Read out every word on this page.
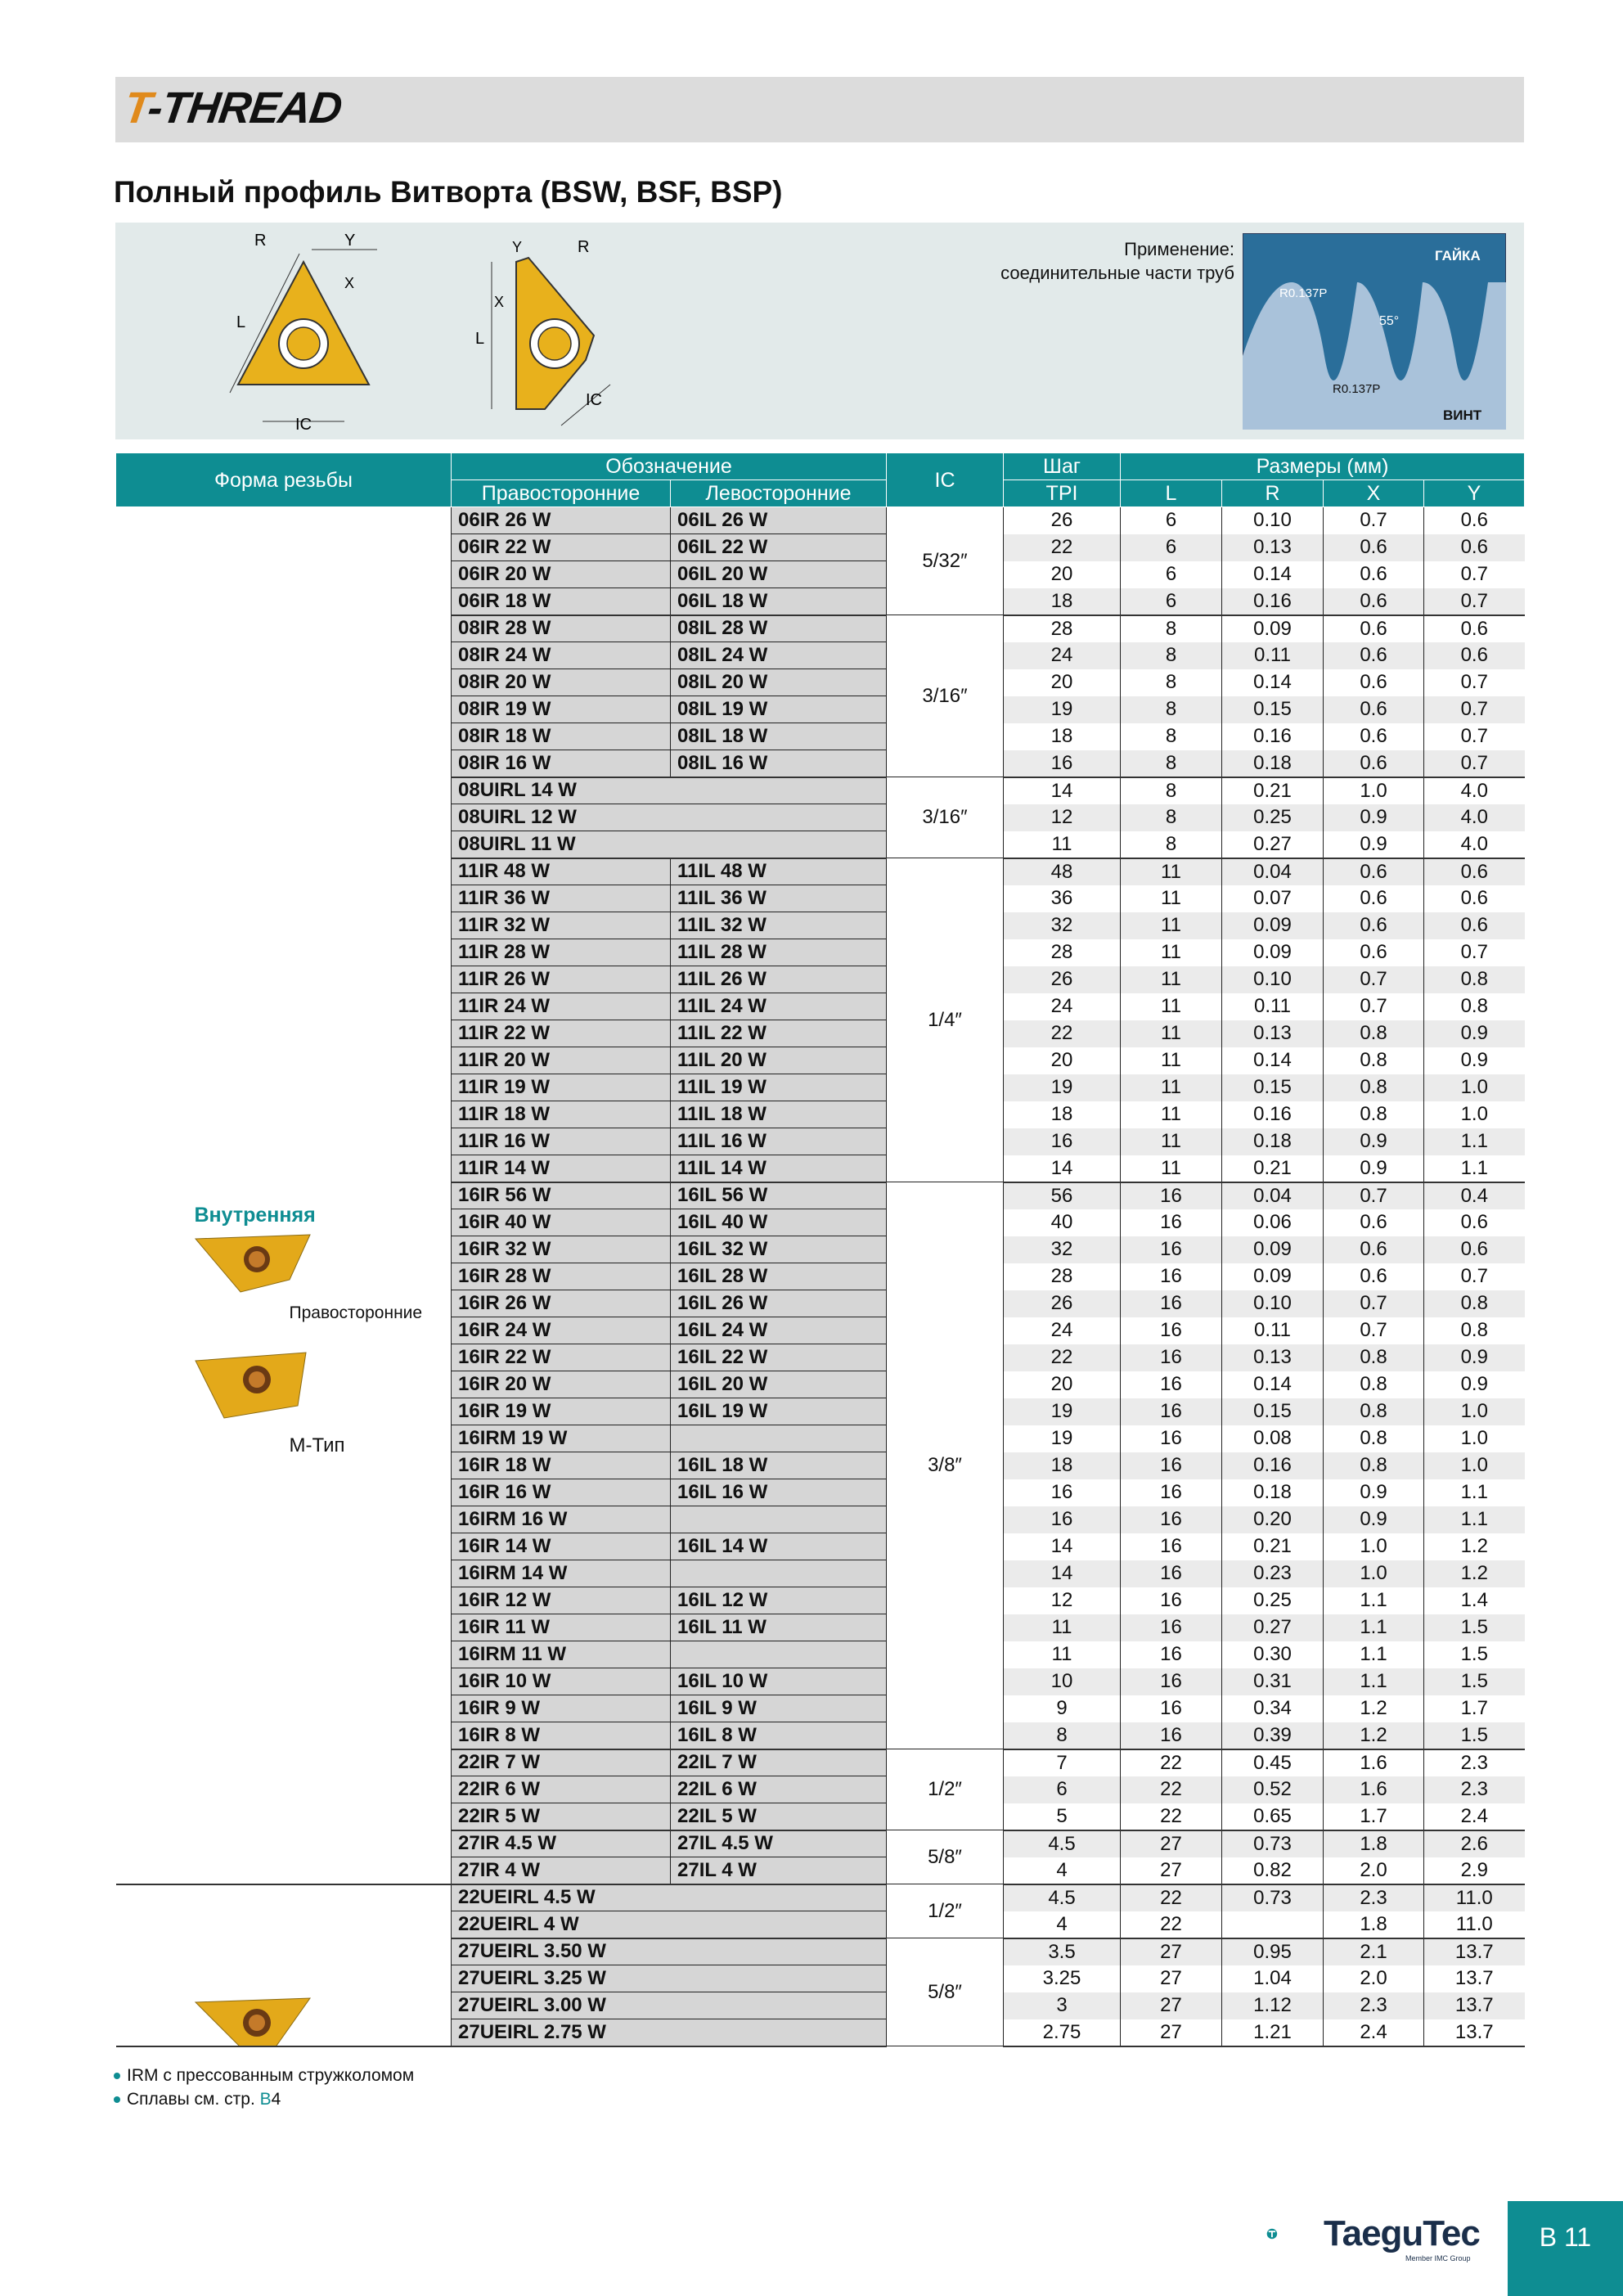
T-THREAD
Полный профиль Витворта (BSW, BSF, BSP)
R	Y
X
L
IC
Y	R
X
L
IC
Применение:
соединительные части труб
ГАЙКА
ВИНТ
R0.137P
R0.137P
55°
Форма резьбы	Обозначение		IC	Шаг	Размеры (мм)			
	Правосторонние	Левосторонние		TPI	L	R	X	Y

Внутренняя
Правосторонние
M-Тип	06IR 26 W	06IL 26 W	5/32″	26	6	0.10	0.7	0.6
	06IR 22 W	06IL 22 W		22	6	0.13	0.6	0.6
	06IR 20 W	06IL 20 W		20	6	0.14	0.6	0.7
	06IR 18 W	06IL 18 W		18	6	0.16	0.6	0.7
	08IR 28 W	08IL 28 W	3/16″	28	8	0.09	0.6	0.6
	08IR 24 W	08IL 24 W		24	8	0.11	0.6	0.6
	08IR 20 W	08IL 20 W		20	8	0.14	0.6	0.7
	08IR 19 W	08IL 19 W		19	8	0.15	0.6	0.7
	08IR 18 W	08IL 18 W		18	8	0.16	0.6	0.7
	08IR 16 W	08IL 16 W		16	8	0.18	0.6	0.7
	08UIRL 14 W		3/16″	14	8	0.21	1.0	4.0
	08UIRL 12 W			12	8	0.25	0.9	4.0
	08UIRL 11 W			11	8	0.27	0.9	4.0
	11IR 48 W	11IL 48 W	1/4″	48	11	0.04	0.6	0.6
	11IR 36 W	11IL 36 W		36	11	0.07	0.6	0.6
	11IR 32 W	11IL 32 W		32	11	0.09	0.6	0.6
	11IR 28 W	11IL 28 W		28	11	0.09	0.6	0.7
	11IR 26 W	11IL 26 W		26	11	0.10	0.7	0.8
	11IR 24 W	11IL 24 W		24	11	0.11	0.7	0.8
	11IR 22 W	11IL 22 W		22	11	0.13	0.8	0.9
	11IR 20 W	11IL 20 W		20	11	0.14	0.8	0.9
	11IR 19 W	11IL 19 W		19	11	0.15	0.8	1.0
	11IR 18 W	11IL 18 W		18	11	0.16	0.8	1.0
	11IR 16 W	11IL 16 W		16	11	0.18	0.9	1.1
	11IR 14 W	11IL 14 W		14	11	0.21	0.9	1.1
	16IR 56 W	16IL 56 W	3/8″	56	16	0.04	0.7	0.4
	16IR 40 W	16IL 40 W		40	16	0.06	0.6	0.6
	16IR 32 W	16IL 32 W		32	16	0.09	0.6	0.6
	16IR 28 W	16IL 28 W		28	16	0.09	0.6	0.7
	16IR 26 W	16IL 26 W		26	16	0.10	0.7	0.8
	16IR 24 W	16IL 24 W		24	16	0.11	0.7	0.8
	16IR 22 W	16IL 22 W		22	16	0.13	0.8	0.9
	16IR 20 W	16IL 20 W		20	16	0.14	0.8	0.9
	16IR 19 W	16IL 19 W		19	16	0.15	0.8	1.0
	16IRM 19 W			19	16	0.08	0.8	1.0
	16IR 18 W	16IL 18 W		18	16	0.16	0.8	1.0
	16IR 16 W	16IL 16 W		16	16	0.18	0.9	1.1
	16IRM 16 W			16	16	0.20	0.9	1.1
	16IR 14 W	16IL 14 W		14	16	0.21	1.0	1.2
	16IRM 14 W			14	16	0.23	1.0	1.2
	16IR 12 W	16IL 12 W		12	16	0.25	1.1	1.4
	16IR 11 W	16IL 11 W		11	16	0.27	1.1	1.5
	16IRM 11 W			11	16	0.30	1.1	1.5
	16IR 10 W	16IL 10 W		10	16	0.31	1.1	1.5
	16IR 9 W	16IL 9 W		9	16	0.34	1.2	1.7
	16IR 8 W	16IL 8 W		8	16	0.39	1.2	1.5
	22IR 7 W	22IL 7 W	1/2″	7	22	0.45	1.6	2.3
	22IR 6 W	22IL 6 W		6	22	0.52	1.6	2.3
	22IR 5 W	22IL 5 W		5	22	0.65	1.7	2.4
	27IR 4.5 W	27IL 4.5 W	5/8″	4.5	27	0.73	1.8	2.6
	27IR 4 W	27IL 4 W		4	27	0.82	2.0	2.9

	22UEIRL 4.5 W		1/2″	4.5	22	0.73	2.3	11.0
	22UEIRL 4 W			4	22		1.8	11.0
	27UEIRL 3.50 W		5/8″	3.5	27	0.95	2.1	13.7
	27UEIRL 3.25 W			3.25	27	1.04	2.0	13.7
	27UEIRL 3.00 W			3	27	1.12	2.3	13.7
	27UEIRL 2.75 W			2.75	27	1.21	2.4	13.7
IRM с прессованным стружколомом
Сплавы см. стр. B4
TaeguTec
Member IMC Group
B 11
